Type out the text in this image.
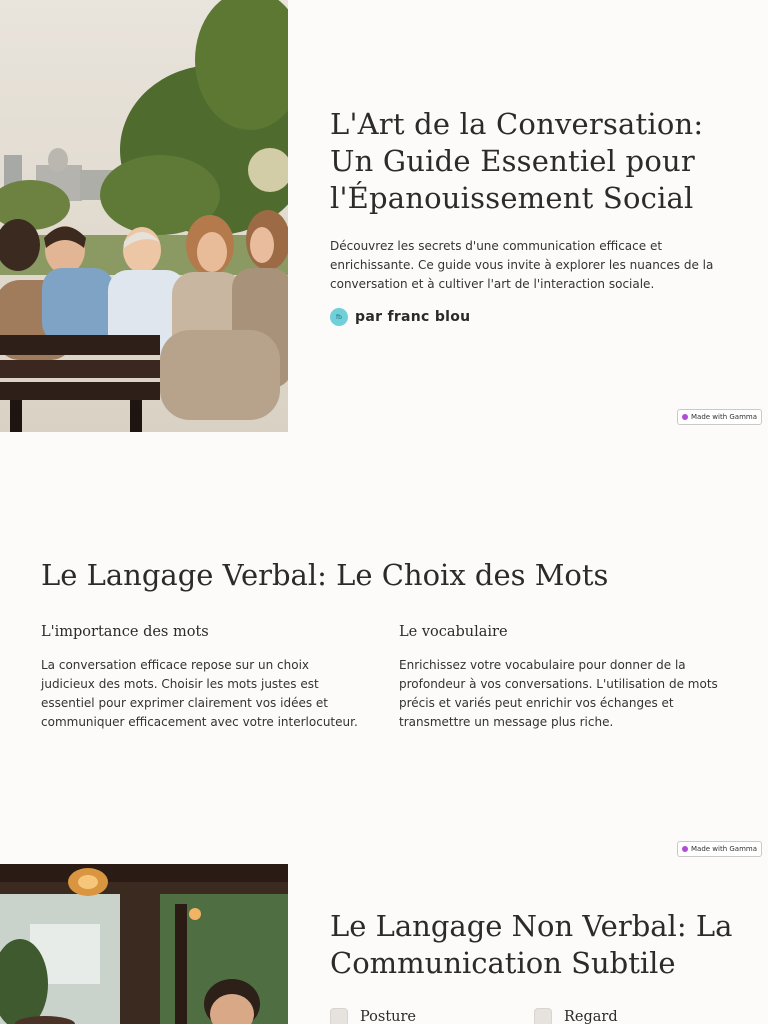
L'Art de la Conversation: Un Guide Essentiel pour l'Épanouissement Social

Découvrez les secrets d'une communication efficace et enrichissante. Ce guide vous invite à explorer les nuances de la conversation et à cultiver l'art de l'interaction sociale.

fb par franc blou
Made with Gamma
Le Langage Verbal: Le Choix des Mots
L'importance des mots

La conversation efficace repose sur un choix judicieux des mots. Choisir les mots justes est essentiel pour exprimer clairement vos idées et communiquer efficacement avec votre interlocuteur.

Le vocabulaire

Enrichissez votre vocabulaire pour donner de la profondeur à vos conversations. L'utilisation de mots précis et variés peut enrichir vos échanges et transmettre un message plus riche.

Made with Gamma
Le Langage Non Verbal: La Communication Subtile
Posture	Regard
